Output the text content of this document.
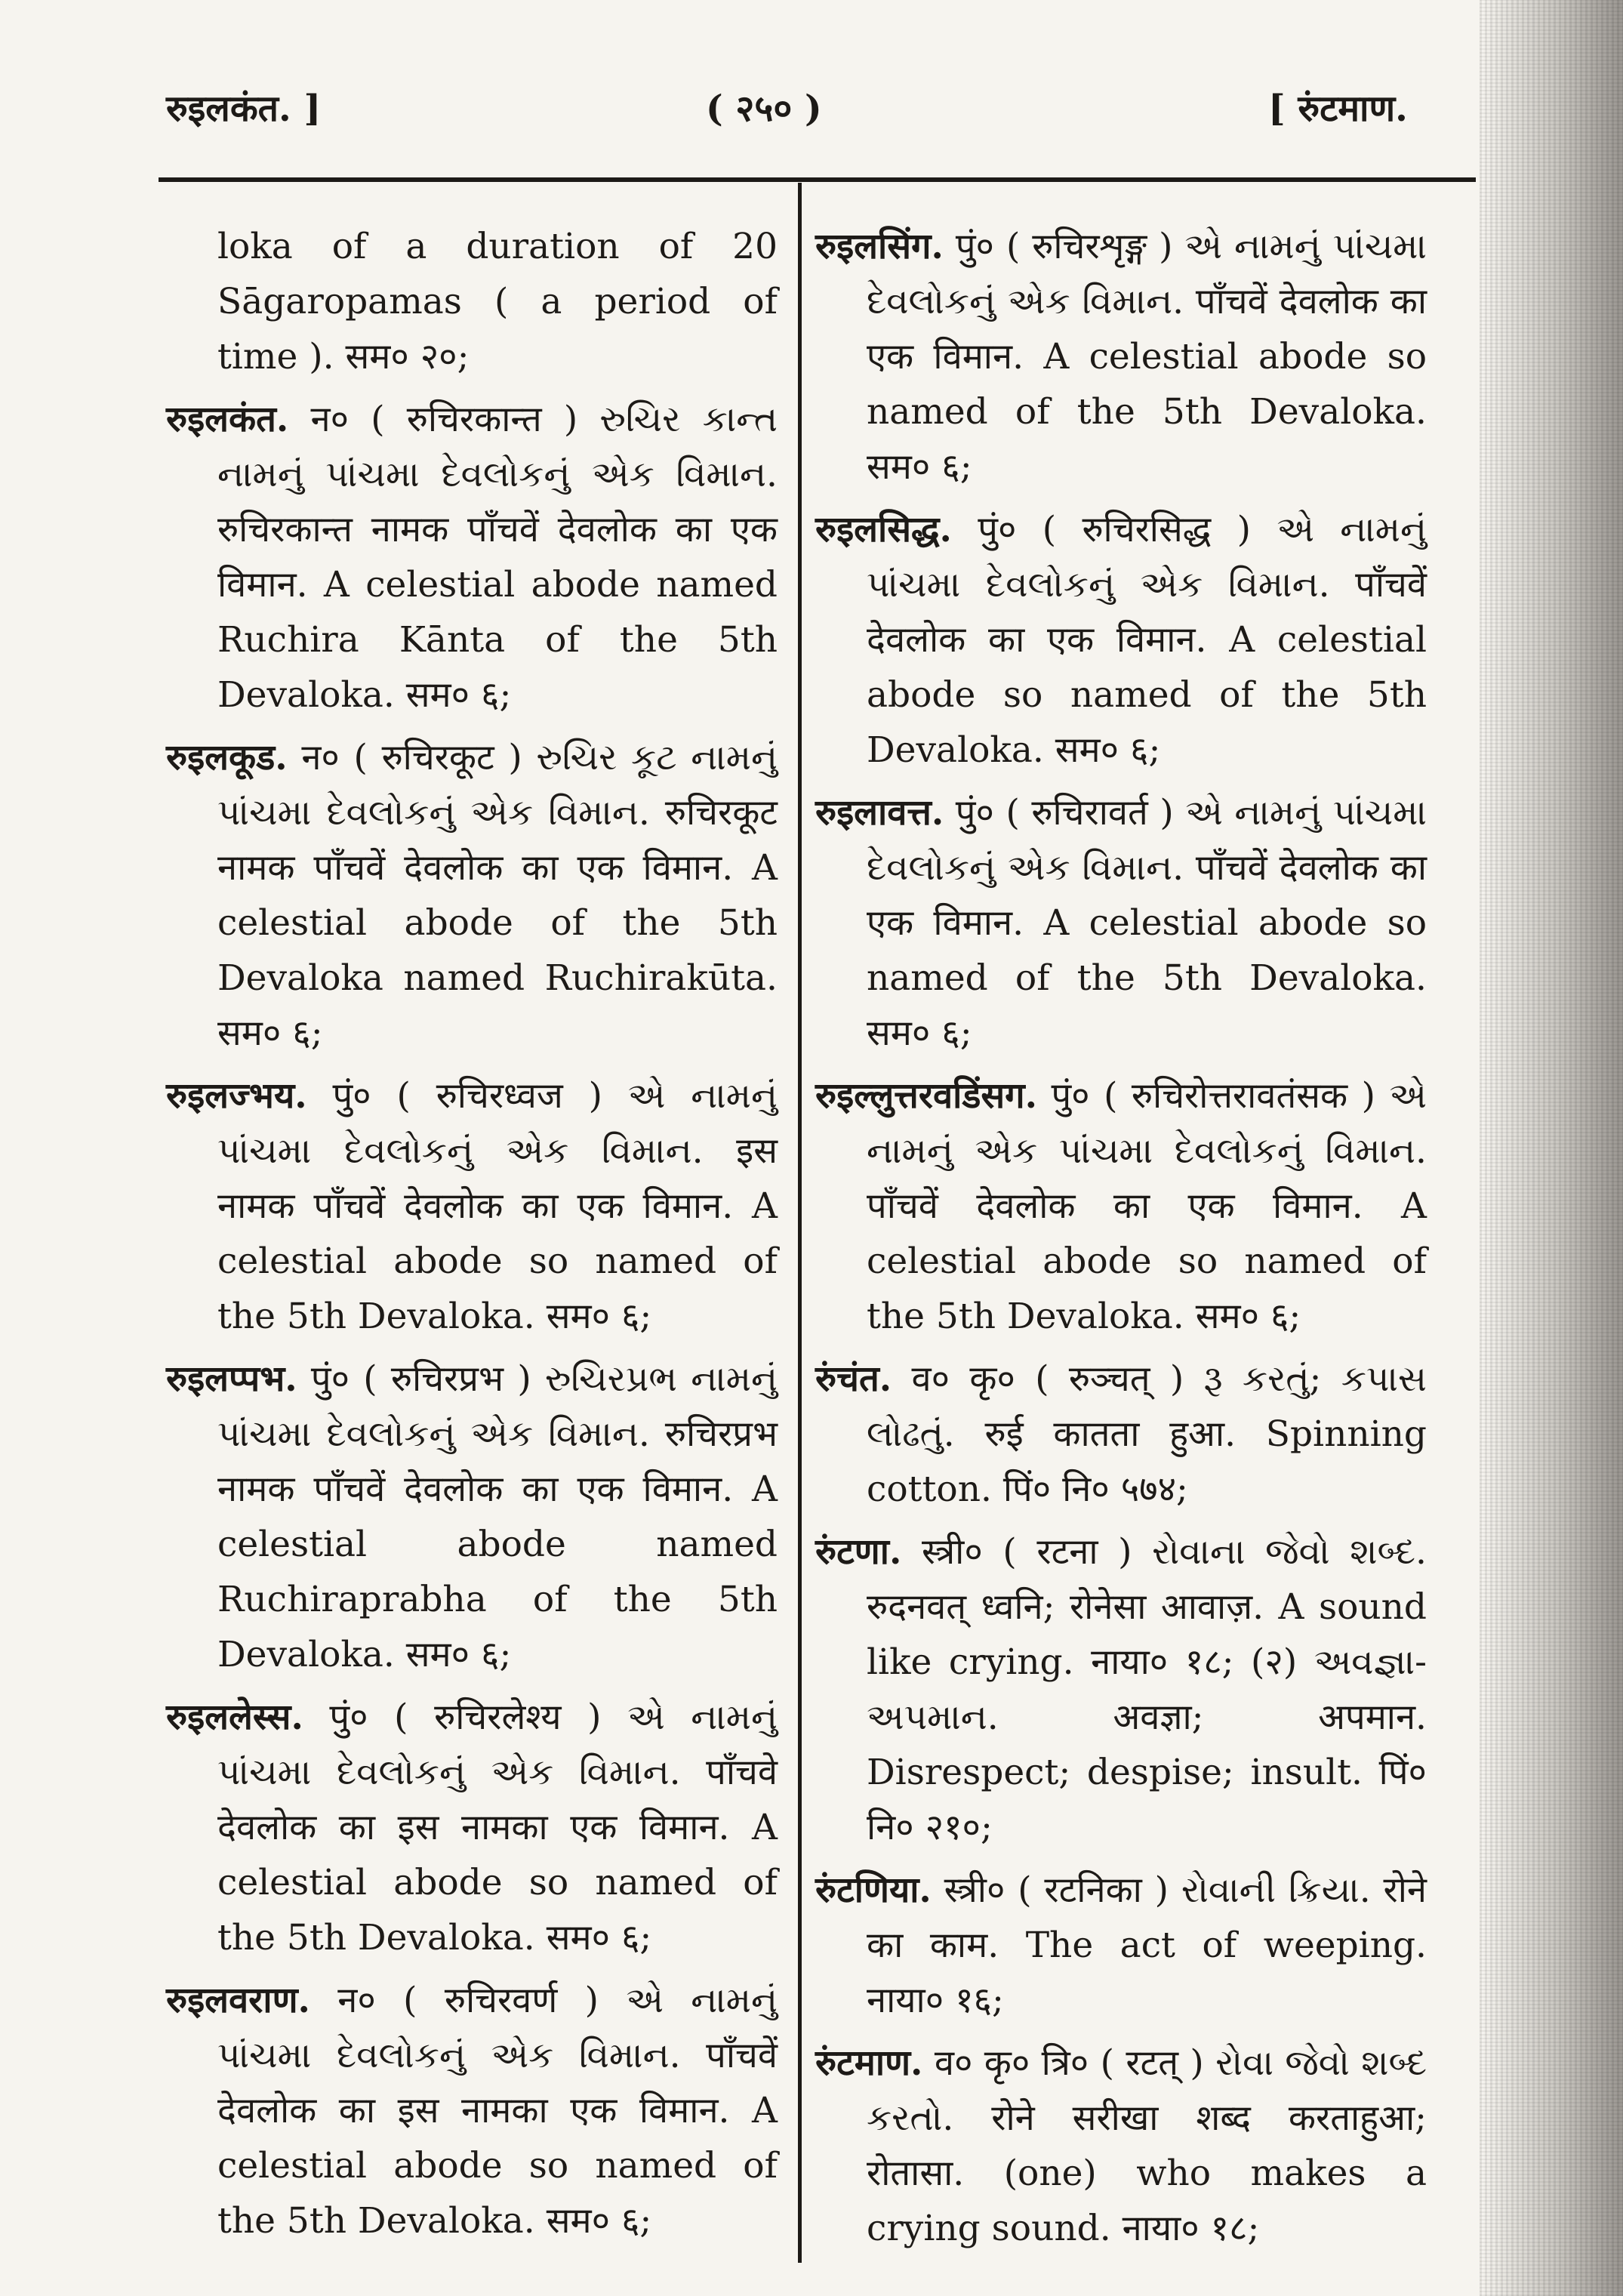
रुइलकंत. ]	( २५० )	[ रुंटमाण.

loka of a duration of 20 Sāgaropamas ( a period of time ). सम० २०;

रुइलकंत. न० ( रुचिरकान्त ) રુચિર કાન્ત નામનું પાંચમા દેવલોકનું એક વિમાન. रुचिरकान्त नामक पाँचवें देवलोक का एक विमान. A celestial abode named Ruchira Kānta of the 5th Devaloka. सम० ६;

रुइलकूड. न० ( रुचिरकूट ) રુચિર કૂટ નામનું પાંચમા દેવલોકનું એક વિમાન. रुचिरकूट नामक पाँचवें देवलोक का एक विमान. A celestial abode of the 5th Devaloka named Ruchirakūta. सम० ६;

रुइलज्भय. पुं० ( रुचिरध्वज ) એ નામનું પાંચમા દેવલોકનું એક વિમાન. इस नामक पाँचवें देवलोक का एक विमान. A celestial abode so named of the 5th Devaloka. सम० ६;

रुइलप्पभ. पुं० ( रुचिरप्रभ ) રુચિરપ્રભ નામનું પાંચમા દેવલોકનું એક વિમાન. रुचिरप्रभ नामक पाँचवें देवलोक का एक विमान. A celestial abode named Ruchiraprabha of the 5th Devaloka. सम० ६;

रुइललेस्स. पुं० ( रुचिरलेश्य ) એ નામનું પાંચમા દેવલોકનું એક વિમાન. पाँचवे देवलोक का इस नामका एक विमान. A celestial abode so named of the 5th Devaloka. सम० ६;

रुइलवराण. न० ( रुचिरवर्ण ) એ નામનું પાંચમા દેવલોકનું એક વિમાન. पाँचवें देवलोक का इस नामका एक विमान. A celestial abode so named of the 5th Devaloka. सम० ६;

रुइलसिंग. पुं० ( रुचिरशृङ्ग ) એ નામનું પાંચમા દેવલોકનું એક વિમાન. पाँचवें देवलोक का एक विमान. A celestial abode so named of the 5th Devaloka. सम० ६;

रुइलसिद्ध. पुं० ( रुचिरसिद्ध ) એ નામનું પાંચમા દેવલોકનું એક વિમાન. पाँचवें देवलोक का एक विमान. A celestial abode so named of the 5th Devaloka. सम० ६;

रुइलावत्त. पुं० ( रुचिरावर्त ) એ નામનું પાંચમા દેવલોકનું એક વિમાન. पाँचवें देवलोक का एक विमान. A celestial abode so named of the 5th Devaloka. सम० ६;

रुइल्लुत्तरवडिंसग. पुं० ( रुचिरोत्तरावतंसक ) એ નામનું એક પાંચમા દેવલોકનું વિમાન. पाँचवें देवलोक का एक विमान. A celestial abode so named of the 5th Devaloka. सम० ६;

रुंचंत. व० कृ० ( रुञ्चत् ) રૂ કરતું; કપાસ લોઢતું. रुई कातता हुआ. Spinning cotton. पिं० नि० ५७४;

रुंटणा. स्त्री० ( रटना ) રોવાના જેવો શબ્દ. रुदनवत् ध्वनि; रोनेसा आवाज़. A sound like crying. नाया० १८; (२) અવજ્ઞા-અપમાન. अवज्ञा; अपमान. Disrespect; despise; insult. पिं० नि० २१०;

रुंटणिया. स्त्री० ( रटनिका ) રોવાની ક્રિયા. रोने का काम. The act of weeping. नाया० १६;

रुंटमाण. व० कृ० त्रि० ( रटत् ) રોવા જેવો શબ્દ કરતો. रोने सरीखा शब्द करताहुआ; रोतासा. (one) who makes a crying sound. नाया० १८;
